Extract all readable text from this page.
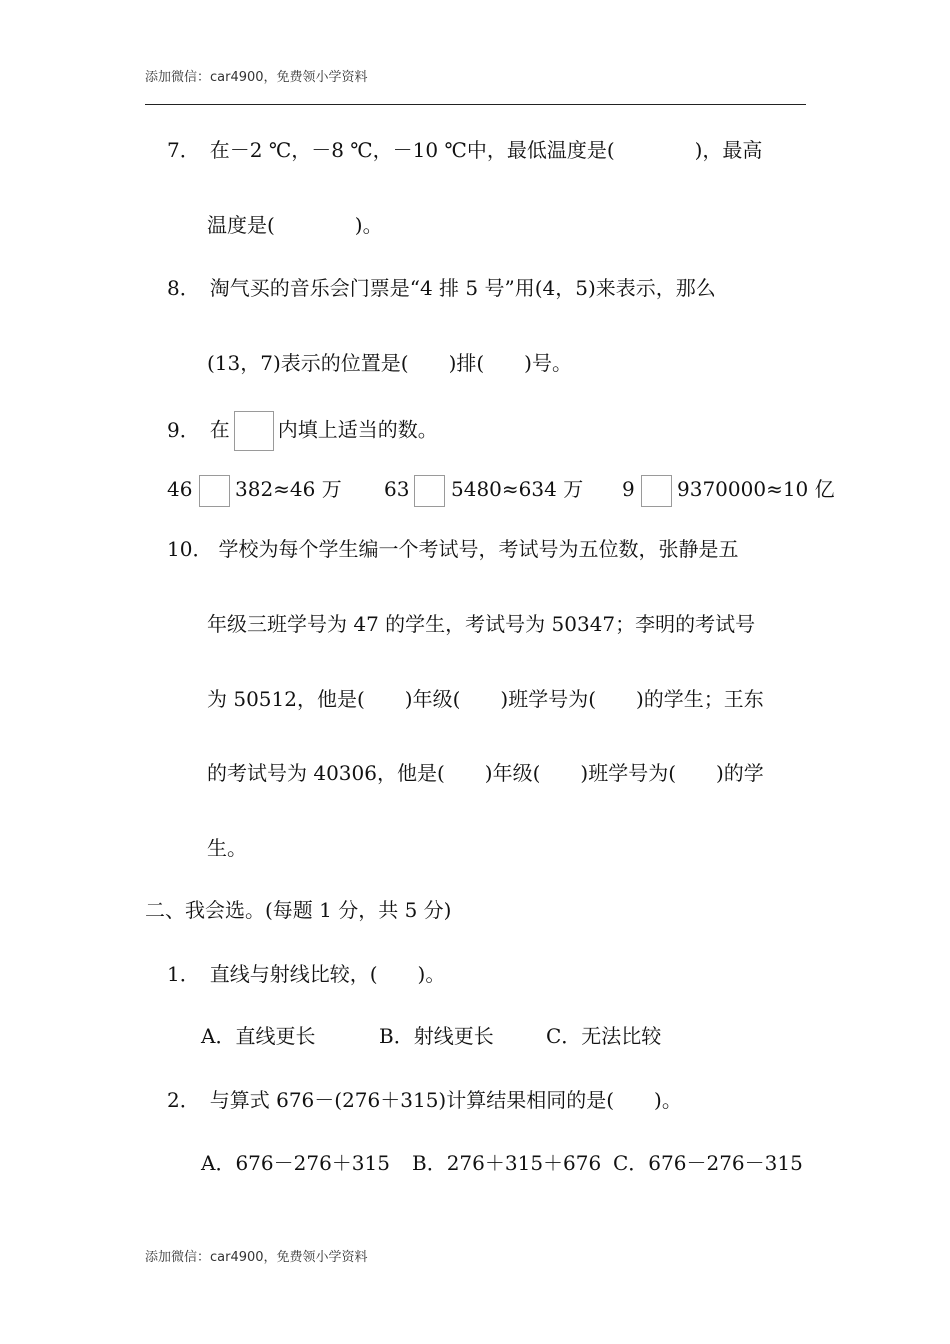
添加微信：car4900，免费领小学资料
7． 在－2 ℃，－8 ℃，－10 ℃中，最低温度是(　　　　)，最高
温度是(　　　　)。
8． 淘气买的音乐会门票是“4 排 5 号”用(4，5)来表示，那么
(13，7)表示的位置是(　　)排(　　)号。
9． 在 内填上适当的数。
46 382≈46 万 63 5480≈634 万 9 9370000≈10 亿
10． 学校为每个学生编一个考试号，考试号为五位数，张静是五
年级三班学号为 47 的学生，考试号为 50347；李明的考试号
为 50512，他是(　　)年级(　　)班学号为(　　)的学生；王东
的考试号为 40306，他是(　　)年级(　　)班学号为(　　)的学
生。
二、我会选。(每题 1 分，共 5 分)
1． 直线与射线比较，(　　)。
A．直线更长	B．射线更长	C．无法比较
2． 与算式 676－(276＋315)计算结果相同的是(　　)。
A．676－276＋315 B．276＋315＋676 C．676－276－315
添加微信：car4900，免费领小学资料
